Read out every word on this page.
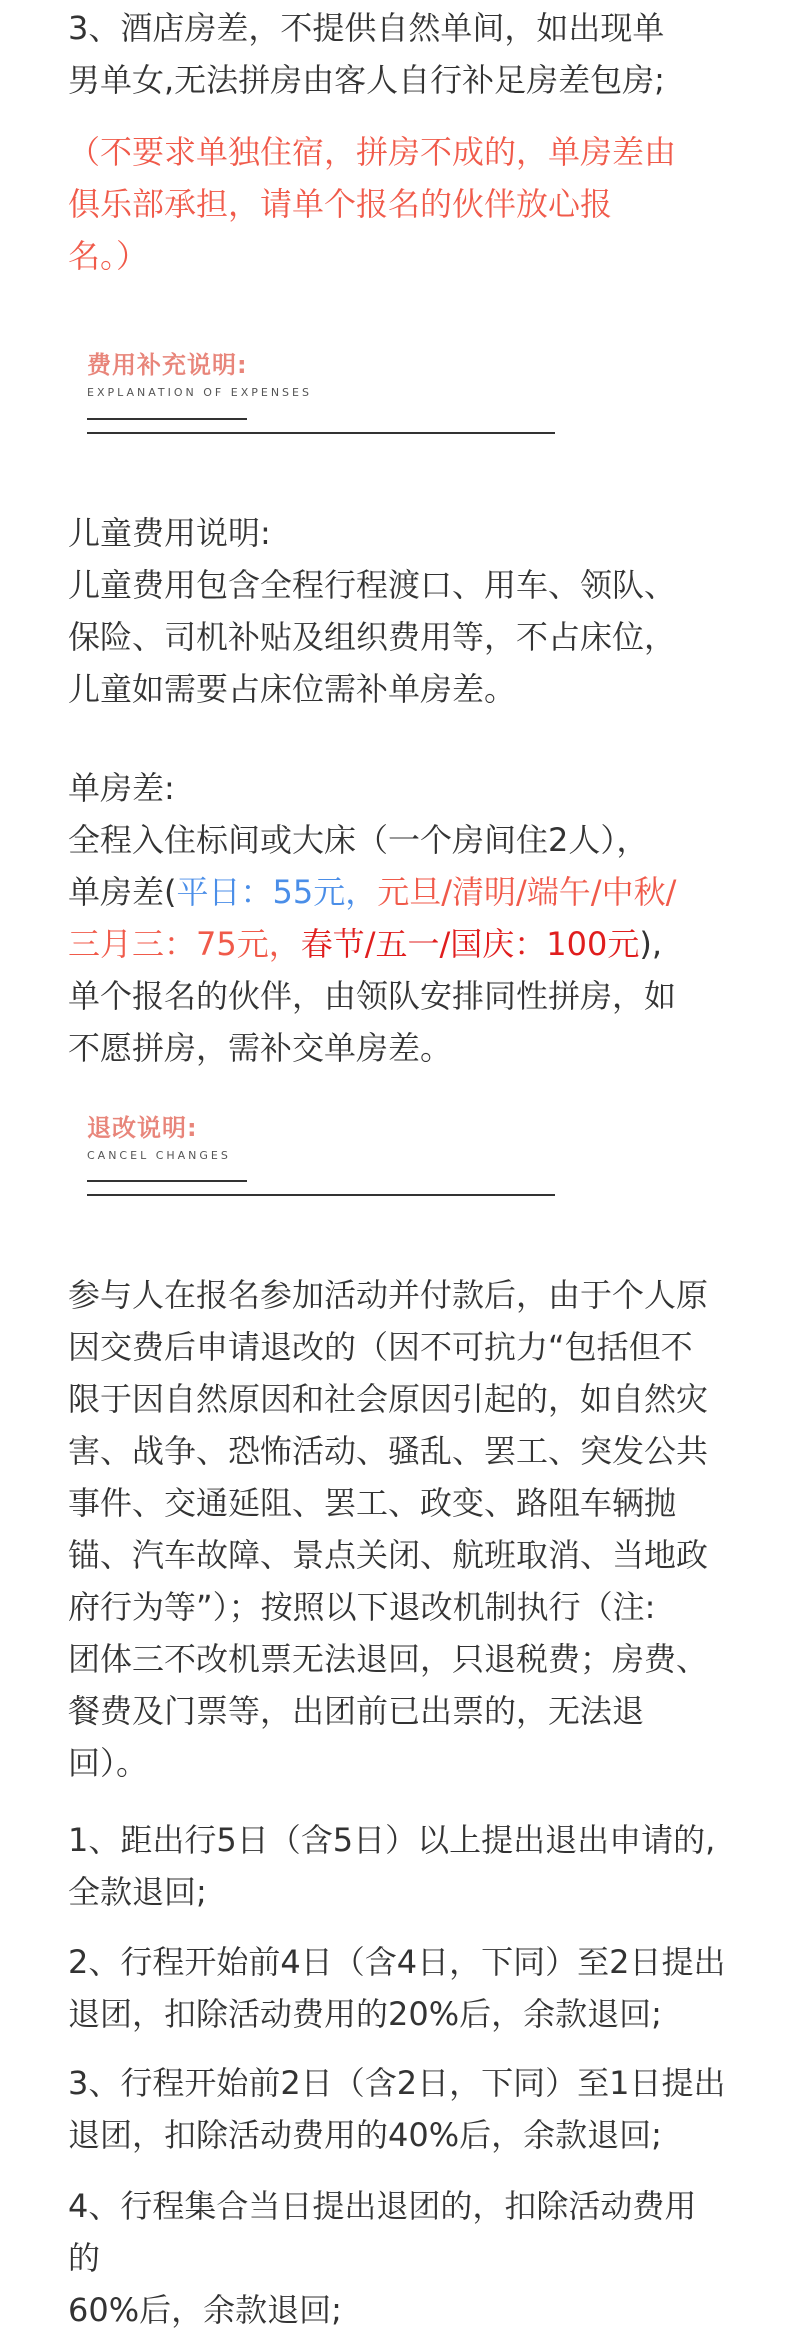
3、酒店房差，不提供自然单间，如出现单
男单女,无法拼房由客人自行补足房差包房;
（不要求单独住宿，拼房不成的，单房差由
俱乐部承担，请单个报名的伙伴放心报
名。）
费用补充说明:
EXPLANATION OF EXPENSES
儿童费用说明:
儿童费用包含全程行程渡口、用车、领队、
保险、司机补贴及组织费用等，不占床位，
儿童如需要占床位需补单房差。
单房差:
全程入住标间或大床（一个房间住2人），
单房差(平日：55元，元旦/清明/端午/中秋/
三月三：75元，春节/五一/国庆：100元),
单个报名的伙伴，由领队安排同性拼房，如
不愿拼房，需补交单房差。
退改说明:
CANCEL CHANGES
参与人在报名参加活动并付款后，由于个人原
因交费后申请退改的（因不可抗力“包括但不
限于因自然原因和社会原因引起的，如自然灾
害、战争、恐怖活动、骚乱、罢工、突发公共
事件、交通延阻、罢工、政变、路阻车辆抛
锚、汽车故障、景点关闭、航班取消、当地政
府行为等”）；按照以下退改机制执行（注:
团体三不改机票无法退回，只退税费；房费、
餐费及门票等，出团前已出票的，无法退
回）。
1、距出行5日（含5日）以上提出退出申请的,
全款退回;
2、行程开始前4日（含4日，下同）至2日提出
退团，扣除活动费用的20%后，余款退回;
3、行程开始前2日（含2日，下同）至1日提出
退团，扣除活动费用的40%后，余款退回;
4、行程集合当日提出退团的，扣除活动费用的
60%后，余款退回;
